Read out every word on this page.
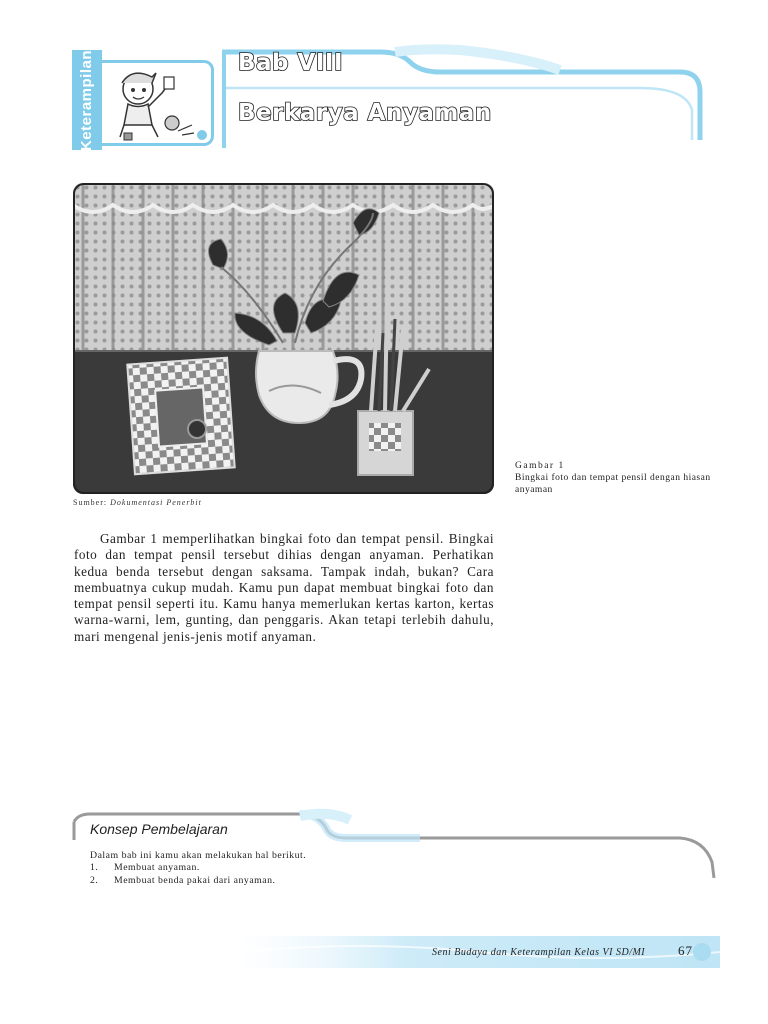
Keterampilan	Bab VIII
Berkarya Anyaman
Sumber: Dokumentasi Penerbit
Gambar 1
Bingkai foto dan tempat pensil dengan hiasan anyaman

Gambar 1 memperlihatkan bingkai foto dan tempat pensil. Bingkai foto dan tempat pensil tersebut dihias dengan anyaman. Perhatikan kedua benda tersebut dengan saksama. Tampak indah, bukan? Cara membuatnya cukup mudah. Kamu pun dapat membuat bingkai foto dan tempat pensil seperti itu. Kamu hanya memerlukan kertas karton, kertas warna-warni, lem, gunting, dan penggaris. Akan tetapi terlebih dahulu, mari mengenal jenis-jenis motif anyaman.

Konsep Pembelajaran
Dalam bab ini kamu akan melakukan hal berikut.
1. Membuat anyaman.
2. Membuat benda pakai dari anyaman.
Seni Budaya dan Keterampilan Kelas VI SD/MI	67
